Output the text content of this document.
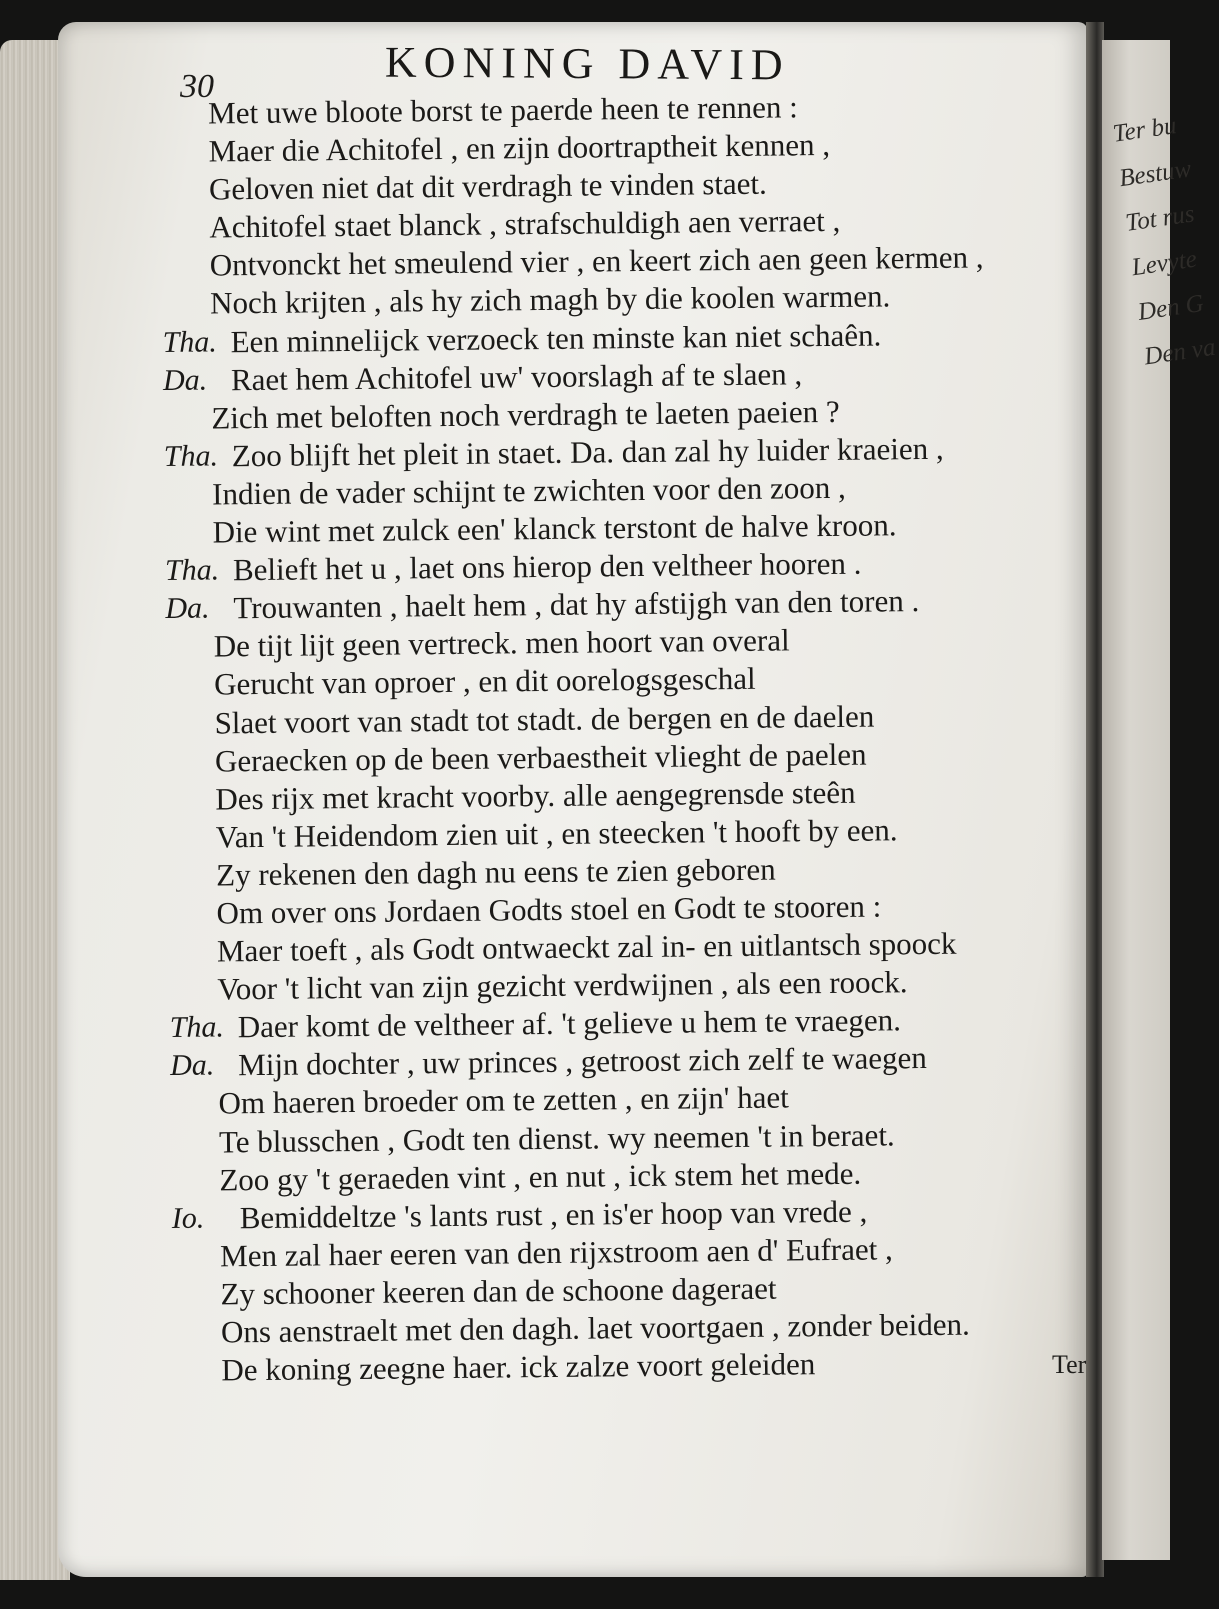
Ter bu
Bestuw
Tot rus
Levyte
Den G
Den va
30	KONING DAVID
Met uwe bloote borst te paerde heen te rennen :
Maer die Achitofel , en zijn doortraptheit kennen ,
Geloven niet dat dit verdragh te vinden staet.
Achitofel staet blanck , strafschuldigh aen verraet ,
Ontvonckt het smeulend vier , en keert zich aen geen kermen ,
Noch krijten , als hy zich magh by die koolen warmen.
Tha. Een minnelijck verzoeck ten minste kan niet schaên.
Da. Raet hem Achitofel uw' voorslagh af te slaen ,
Zich met beloften noch verdragh te laeten paeien ?
Tha. Zoo blijft het pleit in staet. Da. dan zal hy luider kraeien ,
Indien de vader schijnt te zwichten voor den zoon ,
Die wint met zulck een' klanck terstont de halve kroon.
Tha. Belieft het u , laet ons hierop den veltheer hooren .
Da. Trouwanten , haelt hem , dat hy afstijgh van den toren .
De tijt lijt geen vertreck. men hoort van overal
Gerucht van oproer , en dit oorelogsgeschal
Slaet voort van stadt tot stadt. de bergen en de daelen
Geraecken op de been verbaestheit vlieght de paelen
Des rijx met kracht voorby. alle aengegrensde steên
Van 't Heidendom zien uit , en steecken 't hooft by een.
Zy rekenen den dagh nu eens te zien geboren
Om over ons Jordaen Godts stoel en Godt te stooren :
Maer toeft , als Godt ontwaeckt zal in- en uitlantsch spoock
Voor 't licht van zijn gezicht verdwijnen , als een roock.
Tha. Daer komt de veltheer af. 't gelieve u hem te vraegen.
Da. Mijn dochter , uw princes , getroost zich zelf te waegen
Om haeren broeder om te zetten , en zijn' haet
Te blusschen , Godt ten dienst. wy neemen 't in beraet.
Zoo gy 't geraeden vint , en nut , ick stem het mede.
Io. Bemiddeltze 's lants rust , en is'er hoop van vrede ,
Men zal haer eeren van den rijxstroom aen d' Eufraet ,
Zy schooner keeren dan de schoone dageraet
Ons aenstraelt met den dagh. laet voortgaen , zonder beiden.
De koning zeegne haer. ick zalze voort geleiden	Ter
